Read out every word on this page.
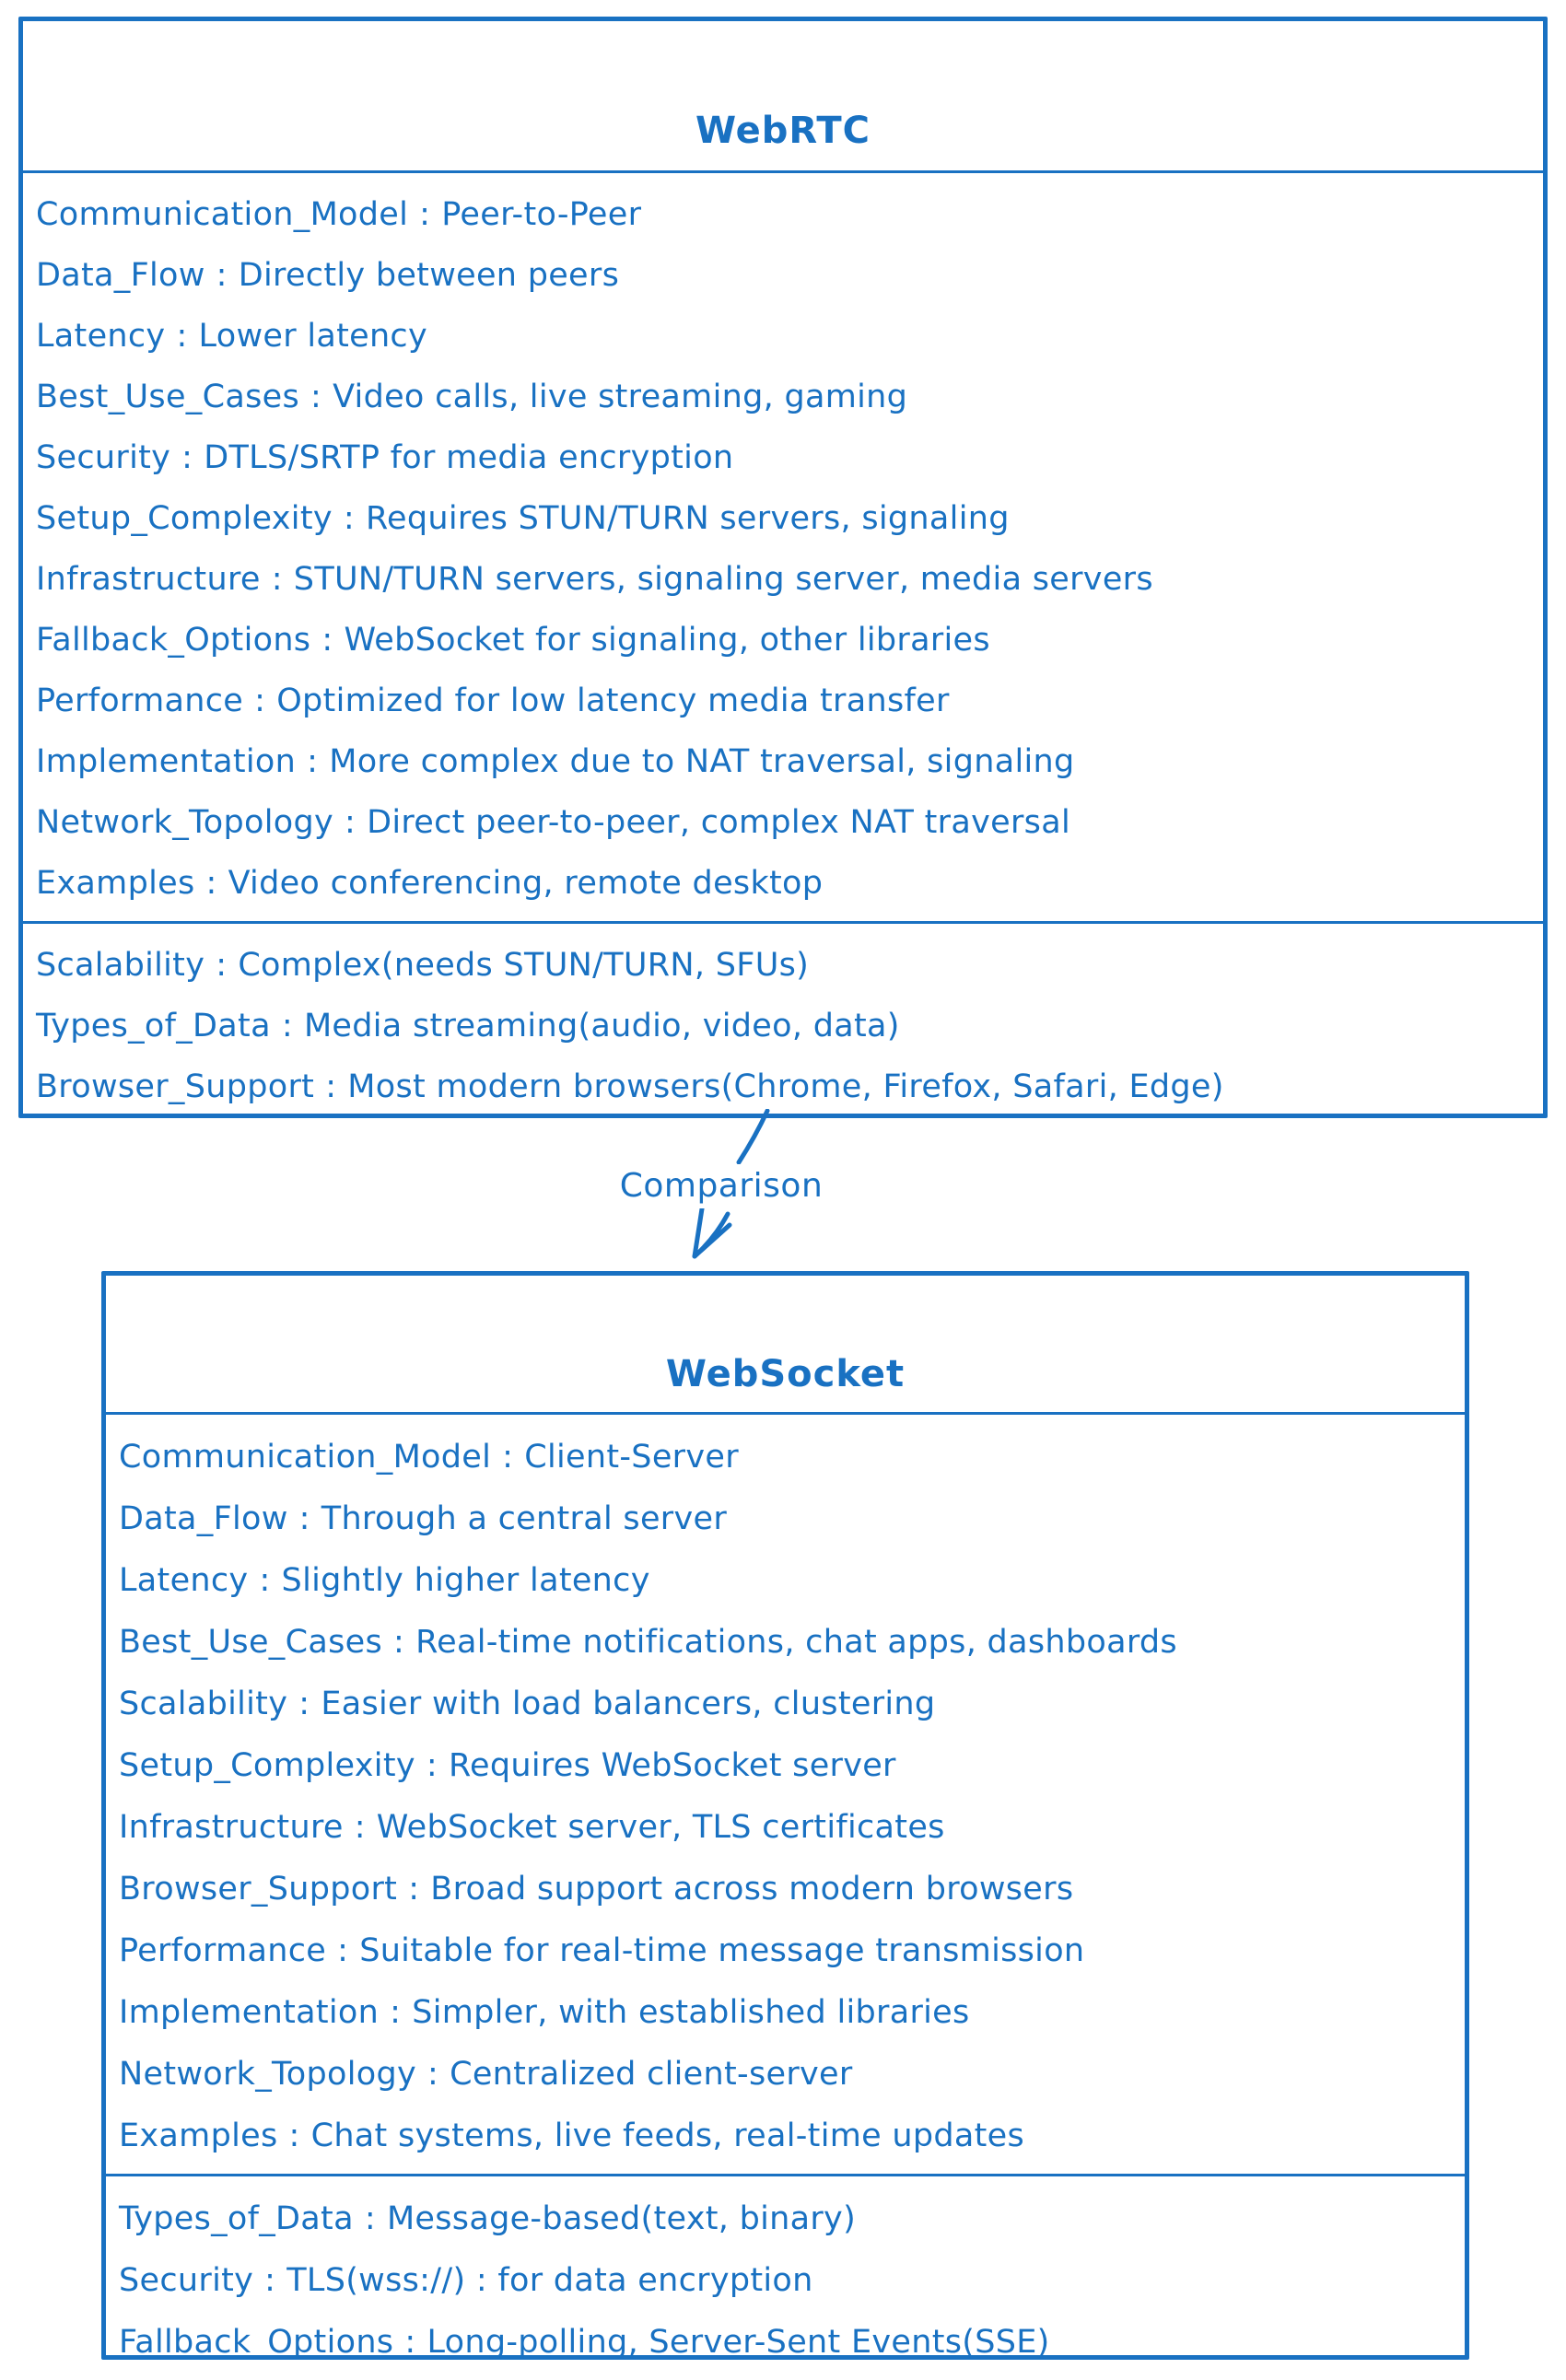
WebRTC
Communication_Model : Peer-to-Peer
Data_Flow : Directly between peers
Latency : Lower latency
Best_Use_Cases : Video calls, live streaming, gaming
Security : DTLS/SRTP for media encryption
Setup_Complexity : Requires STUN/TURN servers, signaling
Infrastructure : STUN/TURN servers, signaling server, media servers
Fallback_Options : WebSocket for signaling, other libraries
Performance : Optimized for low latency media transfer
Implementation : More complex due to NAT traversal, signaling
Network_Topology : Direct peer-to-peer, complex NAT traversal
Examples : Video conferencing, remote desktop
Scalability : Complex(needs STUN/TURN, SFUs)
Types_of_Data : Media streaming(audio, video, data)
Browser_Support : Most modern browsers(Chrome, Firefox, Safari, Edge)
Comparison
WebSocket
Communication_Model : Client-Server
Data_Flow : Through a central server
Latency : Slightly higher latency
Best_Use_Cases : Real-time notifications, chat apps, dashboards
Scalability : Easier with load balancers, clustering
Setup_Complexity : Requires WebSocket server
Infrastructure : WebSocket server, TLS certificates
Browser_Support : Broad support across modern browsers
Performance : Suitable for real-time message transmission
Implementation : Simpler, with established libraries
Network_Topology : Centralized client-server
Examples : Chat systems, live feeds, real-time updates
Types_of_Data : Message-based(text, binary)
Security : TLS(wss://) : for data encryption
Fallback_Options : Long-polling, Server-Sent Events(SSE)
